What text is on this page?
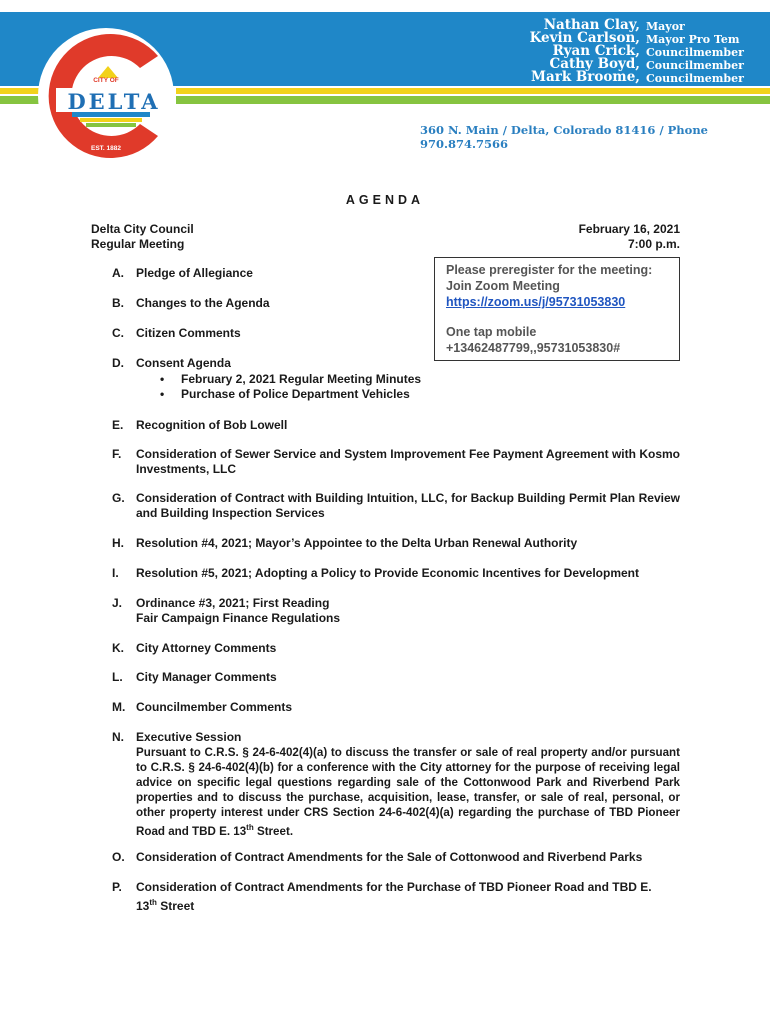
Nathan Clay, Mayor
Kevin Carlson, Mayor Pro Tem
Ryan Crick, Councilmember
Cathy Boyd, Councilmember
Mark Broome, Councilmember
360 N. Main / Delta, Colorado 81416 / Phone 970.874.7566
CITY OF
DELTA
EST. 1882
AGENDA
Delta City Council
Regular Meeting
February 16, 2021
7:00 p.m.
Please preregister for the meeting:
Join Zoom Meeting
https://zoom.us/j/95731053830
One tap mobile
+13462487799,,95731053830#
A. Pledge of Allegiance
B. Changes to the Agenda
C. Citizen Comments
D. Consent Agenda
• February 2, 2021 Regular Meeting Minutes
• Purchase of Police Department Vehicles
E. Recognition of Bob Lowell
F. Consideration of Sewer Service and System Improvement Fee Payment Agreement with Kosmo Investments, LLC
G. Consideration of Contract with Building Intuition, LLC, for Backup Building Permit Plan Review and Building Inspection Services
H. Resolution #4, 2021; Mayor’s Appointee to the Delta Urban Renewal Authority
I. Resolution #5, 2021; Adopting a Policy to Provide Economic Incentives for Development
J. Ordinance #3, 2021; First Reading
Fair Campaign Finance Regulations
K. City Attorney Comments
L. City Manager Comments
M. Councilmember Comments
N. Executive Session
Pursuant to C.R.S. § 24-6-402(4)(a) to discuss the transfer or sale of real property and/or pursuant to C.R.S. § 24-6-402(4)(b) for a conference with the City attorney for the purpose of receiving legal advice on specific legal questions regarding sale of the Cottonwood Park and Riverbend Park properties and to discuss the purchase, acquisition, lease, transfer, or sale of real, personal, or other property interest under CRS Section 24-6-402(4)(a) regarding the purchase of TBD Pioneer Road and TBD E. 13th Street.
O. Consideration of Contract Amendments for the Sale of Cottonwood and Riverbend Parks
P. Consideration of Contract Amendments for the Purchase of TBD Pioneer Road and TBD E.
13th Street
